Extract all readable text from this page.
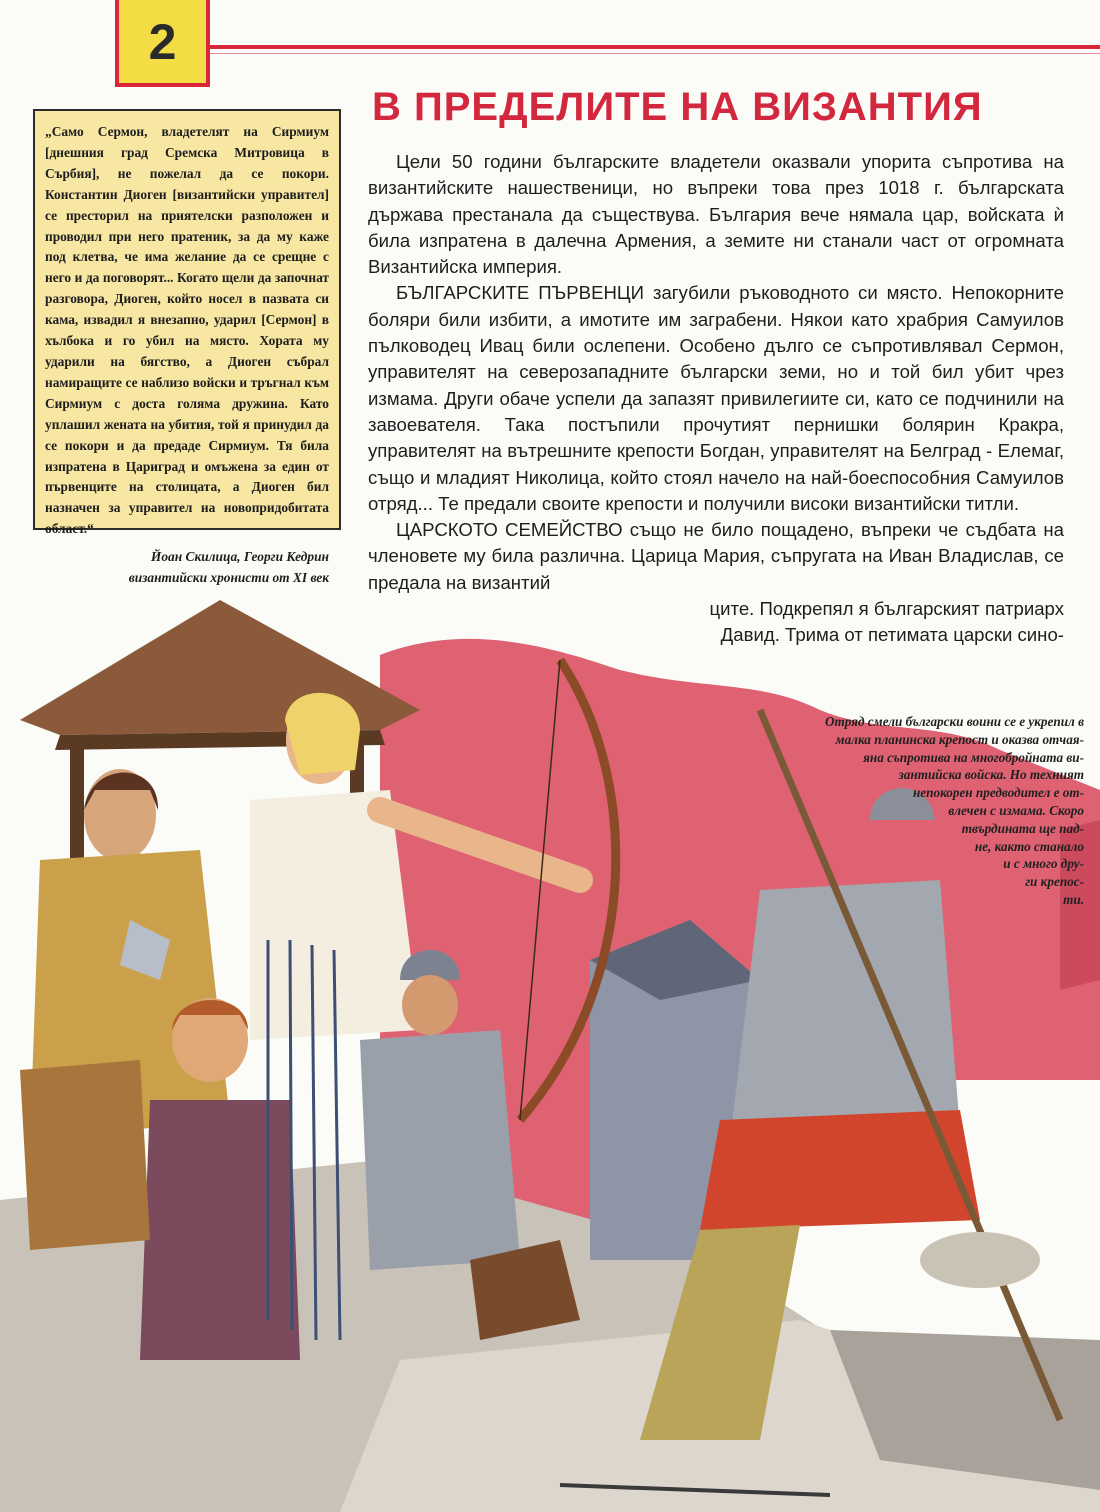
2

„Само Сермон, владетелят на Сирмиум [днешния град Сремска Митровица в Сърбия], не пожелал да се покори. Константин Диоген [византийски управител] се престорил на приятелски разположен и проводил при него пратеник, за да му каже под клетва, че има желание да се срещне с него и да поговорят... Когато щели да започнат разговора, Диоген, който носел в пазвата си кама, извадил я внезапно, ударил [Сермон] в хълбока и го убил на място. Хората му ударили на бягство, а Диоген събрал намиращите се наблизо войски и тръгнал към Сирмиум с доста голяма дружина. Като уплашил жената на убития, той я принудил да се покори и да предаде Сирмиум. Тя била изпратена в Цариград и омъжена за един от първенците на столицата, а Диоген бил назначен за управител на новопридобитата област.“

Йоан Скилица, Георги Кедрин
византийски хронисти от XI век

В ПРЕДЕЛИТЕ НА ВИЗАНТИЯ

Цели 50 години българските владетели оказвали упорита съпротива на византийските нашественици, но въпреки това през 1018 г. българската държава престанала да съществува. България вече нямала цар, войската ѝ била изпратена в далечна Армения, а земите ни станали част от огромната Византийска империя.

БЪЛГАРСКИТЕ ПЪРВЕНЦИ загубили ръководното си място. Непокорните боляри били избити, а имотите им заграбени. Някои като храбрия Самуилов пълководец Ивац били ослепени. Особено дълго се съпротивлявал Сермон, управителят на северозападните български земи, но и той бил убит чрез измама. Други обаче успели да запазят привилегиите си, като се подчинили на завоевателя. Така постъпили прочутият пернишки болярин Кракра, управителят на вътрешните крепости Богдан, управителят на Белград - Елемаг, също и младият Николица, който стоял начело на най-боеспособния Самуилов отряд... Те предали своите крепости и получили високи византийски титли.

ЦАРСКОТО СЕМЕЙСТВО също не било пощадено, въпреки че съдбата на членовете му била различна. Царица Мария, съпругата на Иван Владислав, се предала на византий

ците. Подкрепял я българският патриарх

Давид. Трима от петимата царски сино-

Отряд смели български воини се е укрепил в
малка планинска крепост и оказва отчая-
яна съпротива на многобройната ви-
зантийска войска. Но техният
непокорен предводител е от-
влечен с измама. Скоро
твърдината ще пад-
не, както станало
и с много дру-
ги крепос-
ти.
